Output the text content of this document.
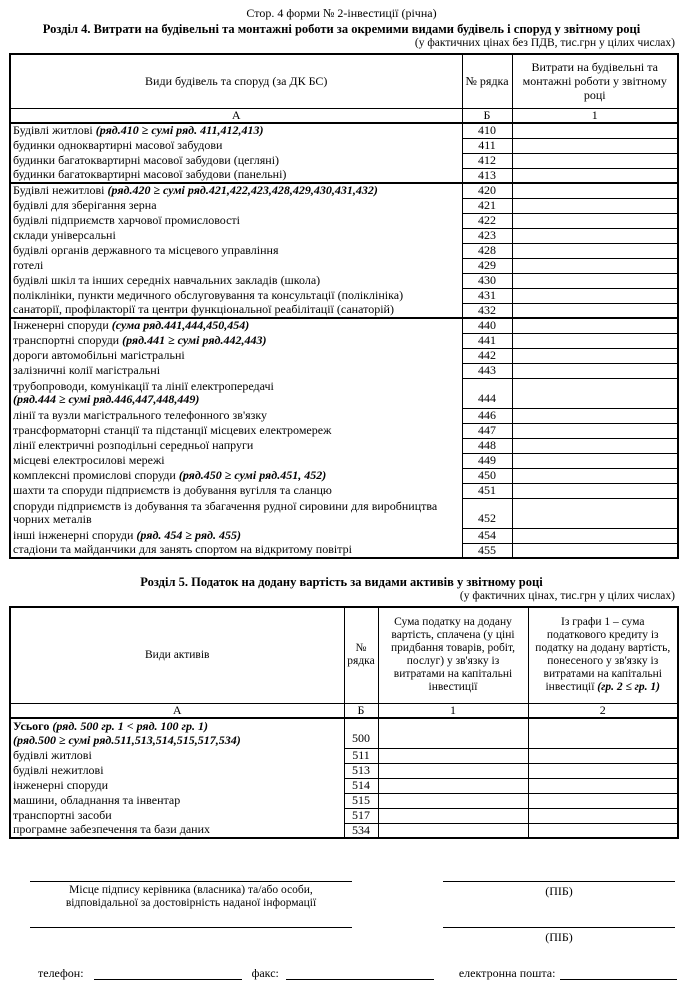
Стор. 4 форми № 2-інвестиції (річна)
Розділ 4. Витрати на будівельні та монтажні роботи за окремими видами будівель і споруд у звітному році
(у фактичних цінах без ПДВ, тис.грн у цілих числах)
Види будівель та споруд (за ДК БС)	№ рядка	Витрати на будівельні та монтажні роботи у звітному році
А	Б	1
Будівлі житлові (ряд.410 ≥ сумі ряд. 411,412,413)	410	
будинки одноквартирні масової забудови	411	
будинки багатоквартирні масової забудови (цегляні)	412	
будинки багатоквартирні масової забудови (панельні)	413	
Будівлі нежитлові (ряд.420 ≥ сумі ряд.421,422,423,428,429,430,431,432)	420	
будівлі для зберігання зерна	421	
будівлі підприємств харчової промисловості	422	
склади універсальні	423	
будівлі органів державного та місцевого управління	428	
готелі	429	
будівлі шкіл та інших середніх навчальних закладів (школа)	430	
поліклініки, пункти медичного обслуговування та консультації (поліклініка)	431	
санаторії, профілакторії та центри функціональної реабілітації (санаторій)	432	
Інженерні споруди (сума ряд.441,444,450,454)	440	
транспортні споруди (ряд.441 ≥ сумі ряд.442,443)	441	
дороги автомобільні магістральні	442	
залізничні колії магістральні	443	
трубопроводи, комунікації та лінії електропередачі
(ряд.444 ≥ сумі ряд.446,447,448,449)	444	
лінії та вузли магістрального телефонного зв'язку	446	
трансформаторні станції та підстанції місцевих електромереж	447	
лінії електричні розподільні середньої напруги	448	
місцеві електросилові мережі	449	
комплексні промислові споруди (ряд.450 ≥ сумі ряд.451, 452)	450	
шахти та споруди підприємств із добування вугілля та сланцю	451	
споруди підприємств із добування та збагачення рудної сировини для виробництва чорних металів	452	
інші інженерні споруди (ряд. 454 ≥ ряд. 455)	454	
стадіони та майданчики для занять спортом на відкритому повітрі	455	
Розділ 5. Податок на додану вартість за видами активів у звітному році
(у фактичних цінах, тис.грн у цілих числах)
Види активів	№ рядка	Сума податку на додану вартість, сплачена (у ціні придбання товарів, робіт, послуг) у зв'язку із витратами на капітальні інвестиції	Із графи 1 – сума податкового кредиту із податку на додану вартість, понесеного у зв'язку із витратами на капітальні інвестиції (гр. 2 ≤ гр. 1)
А	Б	1	2
Усього (ряд. 500 гр. 1 < ряд. 100 гр. 1)
(ряд.500 ≥ сумі ряд.511,513,514,515,517,534)	500		
будівлі житлові	511		
будівлі нежитлові	513		
інженерні споруди	514		
машини, обладнання та інвентар	515		
транспортні засоби	517		
програмне забезпечення та бази даних	534		
Місце підпису керівника (власника) та/або особи,
відповідальної за достовірність наданої інформації
(ПІБ)
(ПІБ)
телефон:	факс:	електронна пошта:
